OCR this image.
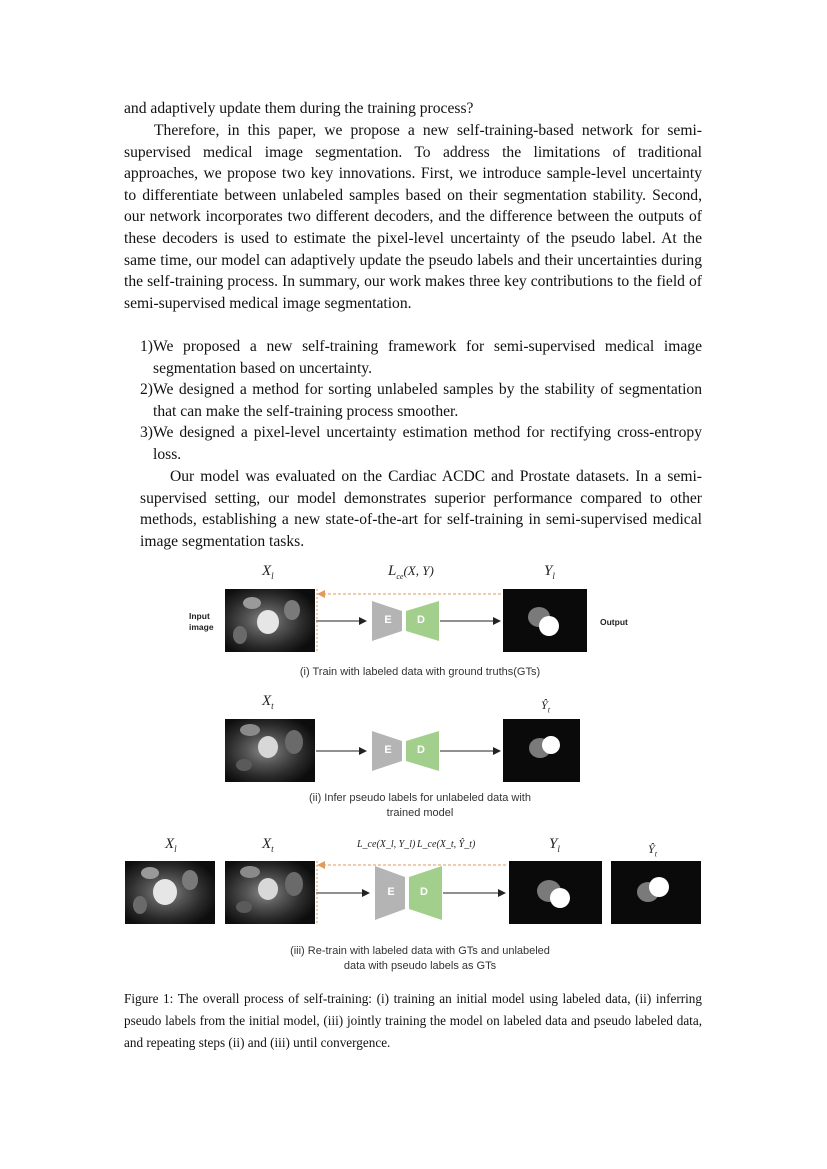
and adaptively update them during the training process?

Therefore, in this paper, we propose a new self-training-based network for semi-supervised medical image segmentation. To address the limitations of traditional approaches, we propose two key innovations. First, we introduce sample-level uncertainty to differentiate between unlabeled samples based on their segmentation stability. Second, our network incorporates two different decoders, and the difference between the outputs of these decoders is used to estimate the pixel-level uncertainty of the pseudo label. At the same time, our model can adaptively update the pseudo labels and their uncertainties during the self-training process. In summary, our work makes three key contributions to the field of semi-supervised medical image segmentation.

1)We proposed a new self-training framework for semi-supervised medical image segmentation based on uncertainty.

2)We designed a method for sorting unlabeled samples by the stability of segmentation that can make the self-training process smoother.

3)We designed a pixel-level uncertainty estimation method for rectifying cross-entropy loss.

Our model was evaluated on the Cardiac ACDC and Prostate datasets. In a semi-supervised setting, our model demonstrates superior performance compared to other methods, establishing a new state-of-the-art for self-training in semi-supervised medical image segmentation tasks.

$X_l$	$L_{ce}(X$, Y)	$Y_l$
Input
image	Output
E	D
(i) Train with labeled data with ground truths(GTs)
$X_t$	$Ŷ_t$
E	D
(ii) Infer pseudo labels for unlabeled data with
trained model
$X_l$	$X_t$	L_ce(X_l, Y_l) L_ce(X_t, Ŷ_t)	$Y_l$	$Ŷ_t$
E	D
(iii) Re-train with labeled data with GTs and unlabeled
data with pseudo labels as GTs

Figure 1: The overall process of self-training: (i) training an initial model using labeled data, (ii) inferring pseudo labels from the initial model, (iii) jointly training the model on labeled data and pseudo labeled data, and repeating steps (ii) and (iii) until convergence.
